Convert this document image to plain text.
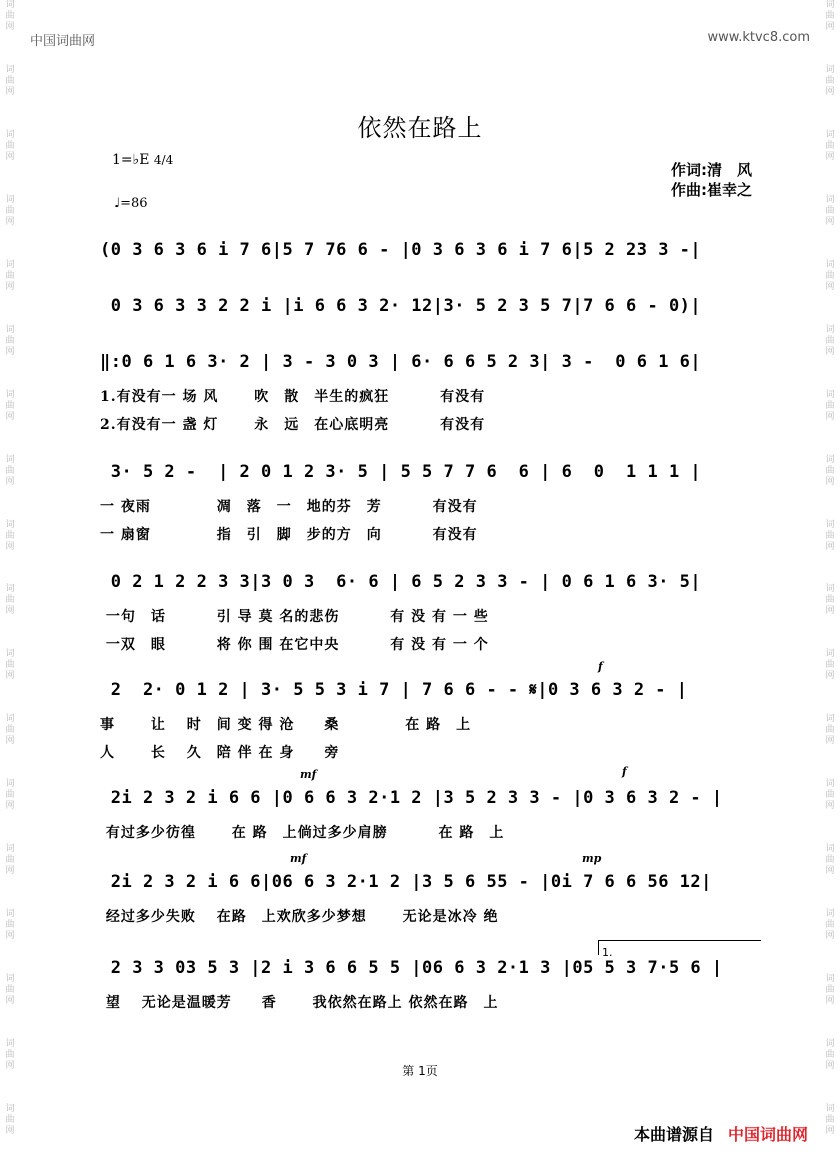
词
曲
网
词
曲
网
词
曲
网
词
曲
网
词
曲
网
词
曲
网
词
曲
网
词
曲
网
词
曲
网
词
曲
网
词
曲
网
词
曲
网
词
曲
网
词
曲
网
词
曲
网
词
曲
网
词
曲
网
词
曲
网
词
曲
网
词
曲
网
词
曲
网
词
曲
网
词
曲
网
词
曲
网
词
曲
网
词
曲
网
词
曲
网
词
曲
网
词
曲
网
词
曲
网
词
曲
网
词
曲
网
词
曲
网
词
曲
网
词
曲
网
词
曲
网
中国词曲网	www.ktvc8.com
依然在路上
1=♭E 4/4
♩=86
作词:清　风
作曲:崔幸之
(0 3 6 3 6 i 7 6|5 7 76 6 - |0 3 6 3 6 i 7 6|5 2 23 3 -|
0 3 6 3 3 2 2 i |i 6 6 3 2· 12|3· 5 2 3 5 7|7 6 6 - 0)|
‖:0 6 1 6 3· 2 | 3 - 3 0 3 | 6· 6 6 5 2 3| 3 -  0 6 1 6|
1.有没有一 场 风　　 吹　散　半生的疯狂　　　 有没有
2.有没有一 盏 灯　　 永　远　在心底明亮　　　 有没有
3· 5 2 -  | 2 0 1 2 3· 5 | 5 5 7 7 6  6 | 6  0  1 1 1 |
一 夜雨　　　　 凋　落　一　地的芬　芳　　　 有没有
一 扇窗　　　　 指　引　脚　步的方　向　　　 有没有
0 2 1 2 2 3 3|3 0 3  6· 6 | 6 5 2 3 3 - | 0 6 1 6 3· 5|
一句　话　　　 引 导 莫 名的悲伤　　　 有 没 有 一 些
一双　眼　　　 将 你 围 在它中央　　　 有 没 有 一 个
2  2· 0 1 2 | 3· 5 5 3 i 7 | 7 6 6 - - 𝄋|0 3 6 3 2 - |
事　　 让　 时　间 变 得 沧　　桑　　　　 在 路　上
人　　 长　 久　陪 伴 在 身　　旁
2i 2 3 2 i 6 6 |0 6 6 3 2·1 2 |3 5 2 3 3 - |0 3 6 3 2 - |
有过多少彷徨　　 在 路　上倘过多少肩膀　　　 在 路　上
2i 2 3 2 i 6 6|06 6 3 2·1 2 |3 5 6 55 - |0i 7 6 6 56 12|
经过多少失败　 在路　上欢欣多少梦想　　 无论是冰冷 绝
2 3 3 03 5 3 |2 i 3 6 6 5 5 |06 6 3 2·1 3 |05 5 3 7·5 6 |
望　 无论是温暖芳　　香　　 我依然在路上 依然在路　上
1.
f
mf	f
mf	mp
第 1页
本曲谱源自 中国词曲网
